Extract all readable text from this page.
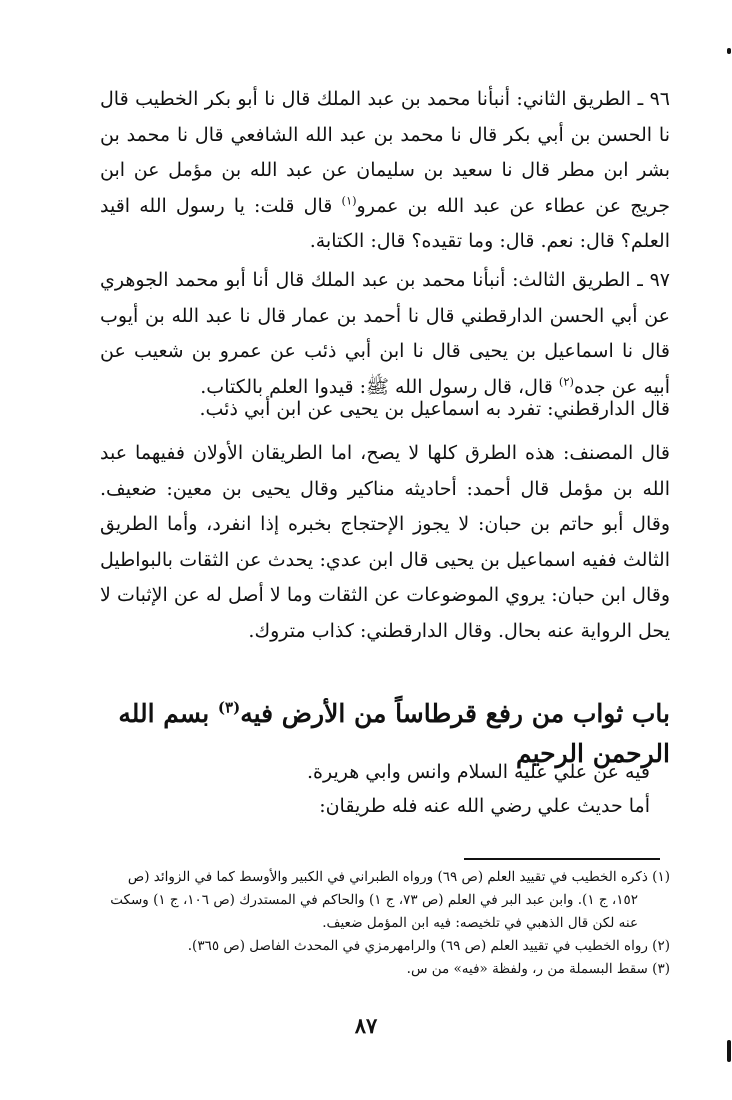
٩٦ ـ الطريق الثاني: أنبأنا محمد بن عبد الملك قال نا أبو بكر الخطيب قال نا الحسن بن أبي بكر قال نا محمد بن عبد الله الشافعي قال نا محمد بن بشر ابن مطر قال نا سعيد بن سليمان عن عبد الله بن مؤمل عن ابن جريج عن عطاء عن عبد الله بن عمرو$^{(١)}$ قال قلت: يا رسول الله اقيد العلم؟ قال: نعم. قال: وما تقيده؟ قال: الكتابة.

٩٧ ـ الطريق الثالث: أنبأنا محمد بن عبد الملك قال أنا أبو محمد الجوهري عن أبي الحسن الدارقطني قال نا أحمد بن عمار قال نا عبد الله بن أيوب قال نا اسماعيل بن يحيى قال نا ابن أبي ذئب عن عمرو بن شعيب عن أبيه عن جده$^{(٢)}$ قال، قال رسول الله ﷺ: قيدوا العلم بالكتاب.

قال الدارقطني: تفرد به اسماعيل بن يحيى عن ابن أبي ذئب.

قال المصنف: هذه الطرق كلها لا يصح، اما الطريقان الأولان ففيهما عبد الله بن مؤمل قال أحمد: أحاديثه مناكير وقال يحيى بن معين: ضعيف. وقال أبو حاتم بن حبان: لا يجوز الإحتجاج بخبره إذا انفرد، وأما الطريق الثالث ففيه اسماعيل بن يحيى قال ابن عدي: يحدث عن الثقات بالبواطيل وقال ابن حبان: يروي الموضوعات عن الثقات وما لا أصل له عن الإثبات لا يحل الرواية عنه بحال. وقال الدارقطني: كذاب متروك.

باب ثواب من رفع قرطاساً من الأرض فيه$^{(٣)}$ بسم الله الرحمن الرحيم

فيه عن علي عليه السلام وانس وابي هريرة.

أما حديث علي رضي الله عنه فله طريقان:

(١) ذكره الخطيب في تقييد العلم (ص ٦٩) ورواه الطبراني في الكبير والأوسط كما في الزوائد (ص ١٥٢، ج ١). وابن عبد البر في العلم (ص ٧٣، ج ١) والحاكم في المستدرك (ص ١٠٦، ج ١) وسكت عنه لكن قال الذهبي في تلخيصه: فيه ابن المؤمل ضعيف.

(٢) رواه الخطيب في تقييد العلم (ص ٦٩) والرامهرمزي في المحدث الفاصل (ص ٣٦٥).

(٣) سقط البسملة من ر، ولفظة «فيه» من س.

٨٧
